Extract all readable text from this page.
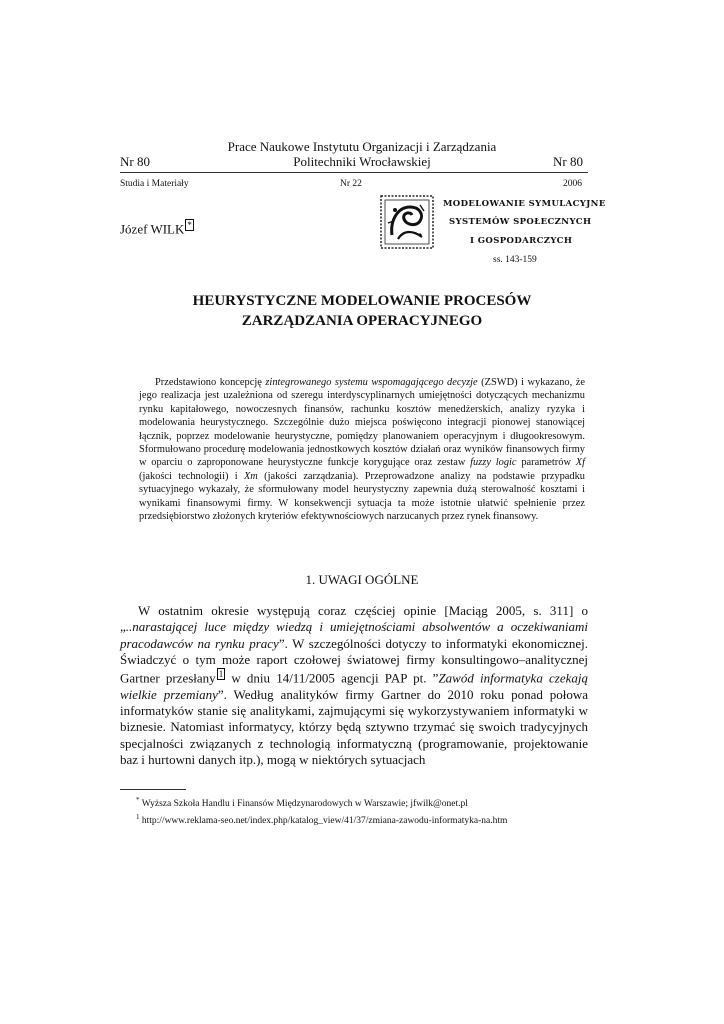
Prace Naukowe Instytutu Organizacji i Zarządzania
Nr 80	Politechniki Wrocławskiej	Nr 80
Studia i Materiały	Nr 22	2006
Józef WILK *
MODELOWANIE SYMULACYJNE
SYSTEMÓW SPOŁECZNYCH
I GOSPODARCZYCH
ss. 143-159
HEURYSTYCZNE MODELOWANIE PROCESÓW
ZARZĄDZANIA OPERACYJNEGO
Przedstawiono koncepcję zintegrowanego systemu wspomagającego decyzje (ZSWD) i wykazano, że jego realizacja jest uzależniona od szeregu interdyscyplinarnych umiejętności dotyczących mechanizmu rynku kapitałowego, nowoczesnych finansów, rachunku kosztów menedżerskich, analizy ryzyka i modelowania heurystycznego. Szczególnie dużo miejsca poświęcono integracji pionowej stanowiącej łącznik, poprzez modelowanie heurystyczne, pomiędzy planowaniem operacyjnym i długookresowym. Sformułowano procedurę modelowania jednostkowych kosztów działań oraz wyników finansowych firmy w oparciu o zaproponowane heurystyczne funkcje korygujące oraz zestaw fuzzy logic parametrów Xf (jakości technologii) i Xm (jakości zarządzania). Przeprowadzone analizy na podstawie przypadku sytuacyjnego wykazały, że sformułowany model heurystyczny zapewnia dużą sterowalność kosztami i wynikami finansowymi firmy. W konsekwencji sytuacja ta może istotnie ułatwić spełnienie przez przedsiębiorstwo złożonych kryteriów efektywnościowych narzucanych przez rynek finansowy.
1. UWAGI OGÓLNE
W ostatnim okresie występują coraz częściej opinie [Maciąg 2005, s. 311] o „..narastającej luce między wiedzą i umiejętnościami absolwentów a oczekiwaniami pracodawców na rynku pracy”. W szczególności dotyczy to informatyki ekonomicznej. Świadczyć o tym może raport czołowej światowej firmy konsultingowo–analitycznej Gartner przesłany 1 w dniu 14/11/2005 agencji PAP pt. ”Zawód informatyka czekają wielkie przemiany”. Według analityków firmy Gartner do 2010 roku ponad połowa informatyków stanie się analitykami, zajmującymi się wykorzystywaniem informatyki w biznesie. Natomiast informatycy, którzy będą sztywno trzymać się swoich tradycyjnych specjalności związanych z technologią informatyczną (programowanie, projektowanie baz i hurtowni danych itp.), mogą w niektórych sytuacjach
* Wyższa Szkoła Handlu i Finansów Międzynarodowych w Warszawie; jfwilk@onet.pl
$^1$ http://www.reklama-seo.net/index.php/katalog_view/41/37/zmiana-zawodu-informatyka-na.htm
